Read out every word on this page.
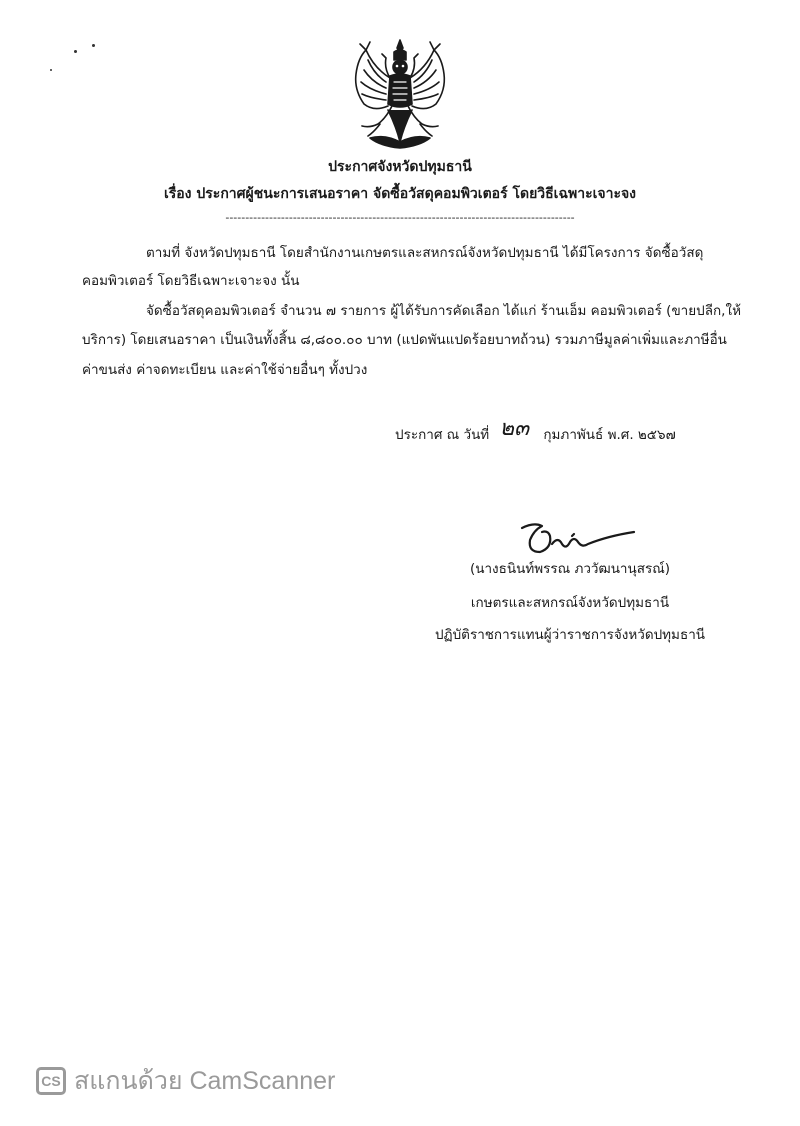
ประกาศจังหวัดปทุมธานี
เรื่อง ประกาศผู้ชนะการเสนอราคา จัดซื้อวัสดุคอมพิวเตอร์ โดยวิธีเฉพาะเจาะจง
----------------------------------------------------------------------------------------
ตามที่ จังหวัดปทุมธานี โดยสำนักงานเกษตรและสหกรณ์จังหวัดปทุมธานี ได้มีโครงการ จัดซื้อวัสดุ
คอมพิวเตอร์ โดยวิธีเฉพาะเจาะจง นั้น
จัดซื้อวัสดุคอมพิวเตอร์ จำนวน ๗ รายการ ผู้ได้รับการคัดเลือก ได้แก่ ร้านเอ็ม คอมพิวเตอร์ (ขายปลีก,ให้
บริการ) โดยเสนอราคา เป็นเงินทั้งสิ้น ๘,๘๐๐.๐๐ บาท (แปดพันแปดร้อยบาทถ้วน) รวมภาษีมูลค่าเพิ่มและภาษีอื่น
ค่าขนส่ง ค่าจดทะเบียน และค่าใช้จ่ายอื่นๆ ทั้งปวง
ประกาศ ณ วันที่ ๒๓ กุมภาพันธ์ พ.ศ. ๒๕๖๗
(นางธนินท์พรรณ ภววัฒนานุสรณ์)
เกษตรและสหกรณ์จังหวัดปทุมธานี
ปฏิบัติราชการแทนผู้ว่าราชการจังหวัดปทุมธานี
CS สแกนด้วย CamScanner
